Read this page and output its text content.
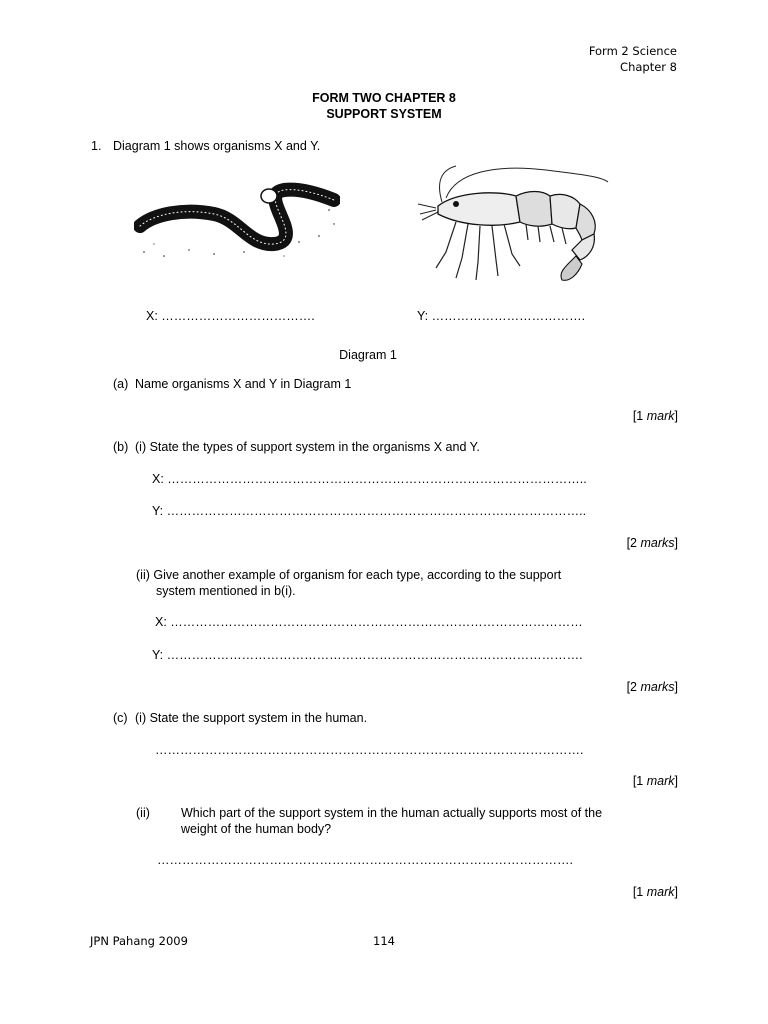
Form 2 Science
Chapter 8
FORM TWO CHAPTER 8
SUPPORT SYSTEM
1. Diagram 1 shows organisms X and Y.
X: ……………………………….	Y: ……………………………….
Diagram 1
(a) Name organisms X and Y in Diagram 1
[1 mark]
(b) (i) State the types of support system in the organisms X and Y.
X: ………………………………………………………………………………………..
Y: ………………………………………………………………………………………..
[2 marks]
(ii) Give another example of organism for each type, according to the support
system mentioned in b(i).
X: ………………………………………………………………………………………
Y: ……………………………………………………………………………………….
[2 marks]
(c) (i) State the support system in the human.
………………………………………………………………………………………….
[1 mark]
(ii) Which part of the support system in the human actually supports most of the
weight of the human body?
……………………………………………………………………………………….
[1 mark]
JPN Pahang 2009	114
